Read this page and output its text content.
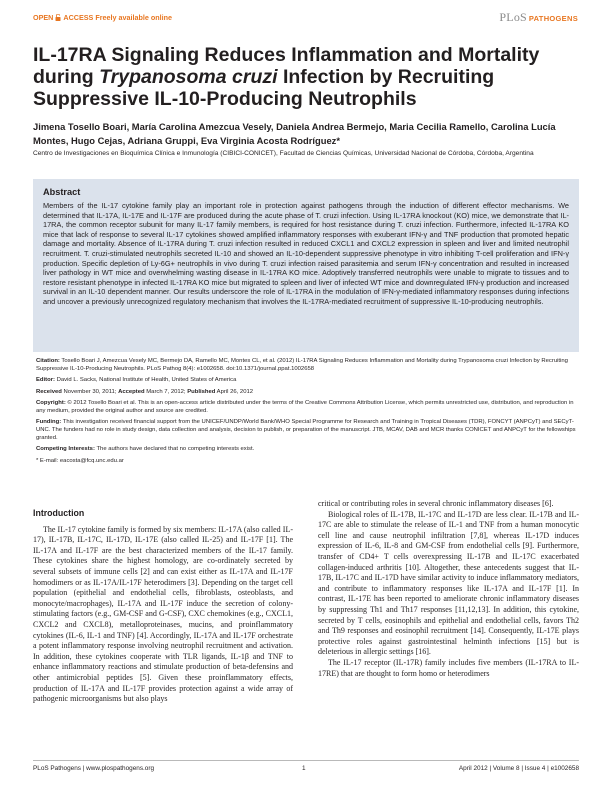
OPEN ACCESS Freely available online	PLoS PATHOGENS
IL-17RA Signaling Reduces Inflammation and Mortality during Trypanosoma cruzi Infection by Recruiting Suppressive IL-10-Producing Neutrophils
Jimena Tosello Boari, María Carolina Amezcua Vesely, Daniela Andrea Bermejo, Maria Cecilia Ramello, Carolina Lucía Montes, Hugo Cejas, Adriana Gruppi, Eva Virginia Acosta Rodríguez*
Centro de Investigaciones en Bioquímica Clínica e Inmunología (CIBICI-CONICET), Facultad de Ciencias Químicas, Universidad Nacional de Córdoba, Córdoba, Argentina
Abstract
Members of the IL-17 cytokine family play an important role in protection against pathogens through the induction of different effector mechanisms. We determined that IL-17A, IL-17E and IL-17F are produced during the acute phase of T. cruzi infection. Using IL-17RA knockout (KO) mice, we demonstrate that IL-17RA, the common receptor subunit for many IL-17 family members, is required for host resistance during T. cruzi infection. Furthermore, infected IL-17RA KO mice that lack of response to several IL-17 cytokines showed amplified inflammatory responses with exuberant IFN-γ and TNF production that promoted hepatic damage and mortality. Absence of IL-17RA during T. cruzi infection resulted in reduced CXCL1 and CXCL2 expression in spleen and liver and limited neutrophil recruitment. T. cruzi-stimulated neutrophils secreted IL-10 and showed an IL-10-dependent suppressive phenotype in vitro inhibiting T-cell proliferation and IFN-γ production. Specific depletion of Ly-6G+ neutrophils in vivo during T. cruzi infection raised parasitemia and serum IFN-γ concentration and resulted in increased liver pathology in WT mice and overwhelming wasting disease in IL-17RA KO mice. Adoptively transferred neutrophils were unable to migrate to tissues and to restore resistant phenotype in infected IL-17RA KO mice but migrated to spleen and liver of infected WT mice and downregulated IFN-γ production and increased survival in an IL-10 dependent manner. Our results underscore the role of IL-17RA in the modulation of IFN-γ-mediated inflammatory responses during infections and uncover a previously unrecognized regulatory mechanism that involves the IL-17RA-mediated recruitment of suppressive IL-10-producing neutrophils.

Citation: Tosello Boari J, Amezcua Vesely MC, Bermejo DA, Ramello MC, Montes CL, et al. (2012) IL-17RA Signaling Reduces Inflammation and Mortality during Trypanosoma cruzi Infection by Recruiting Suppressive IL-10-Producing Neutrophils. PLoS Pathog 8(4): e1002658. doi:10.1371/journal.ppat.1002658

Editor: David L. Sacks, National Institute of Health, United States of America

Received November 30, 2011; Accepted March 7, 2012; Published April 26, 2012

Copyright: © 2012 Tosello Boari et al. This is an open-access article distributed under the terms of the Creative Commons Attribution License, which permits unrestricted use, distribution, and reproduction in any medium, provided the original author and source are credited.

Funding: This investigation received financial support from the UNICEF/UNDP/World Bank/WHO Special Programme for Research and Training in Tropical Diseases (TDR), FONCYT (ANPCyT) and SECyT-UNC. The funders had no role in study design, data collection and analysis, decision to publish, or preparation of the manuscript. JTB, MCAV, DAB and MCR thanks CONICET and ANPCyT for the fellowships granted.

Competing Interests: The authors have declared that no competing interests exist.

* E-mail: eacosta@fcq.unc.edu.ar

Introduction

The IL-17 cytokine family is formed by six members: IL-17A (also called IL-17), IL-17B, IL-17C, IL-17D, IL-17E (also called IL-25) and IL-17F [1]. The IL-17A and IL-17F are the best characterized members of the IL-17 family. These cytokines share the highest homology, are co-ordinately secreted by several subsets of immune cells [2] and can exist either as IL-17A and IL-17F homodimers or as IL-17A/IL-17F heterodimers [3]. Depending on the target cell population (epithelial and endothelial cells, fibroblasts, osteoblasts, and monocyte/macrophages), IL-17A and IL-17F induce the secretion of colony-stimulating factors (e.g., GM-CSF and G-CSF), CXC chemokines (e.g., CXCL1, CXCL2 and CXCL8), metalloproteinases, mucins, and proinflammatory cytokines (IL-6, IL-1 and TNF) [4]. Accordingly, IL-17A and IL-17F orchestrate a potent inflammatory response involving neutrophil recruitment and activation. In addition, these cytokines cooperate with TLR ligands, IL-1β and TNF to enhance inflammatory reactions and stimulate production of beta-defensins and other antimicrobial peptides [5]. Given these proinflammatory effects, production of IL-17A and IL-17F provides protection against a wide array of pathogenic microorganisms but also plays

critical or contributing roles in several chronic inflammatory diseases [6].

Biological roles of IL-17B, IL-17C and IL-17D are less clear. IL-17B and IL-17C are able to stimulate the release of IL-1 and TNF from a human monocytic cell line and cause neutrophil infiltration [7,8], whereas IL-17D induces expression of IL-6, IL-8 and GM-CSF from endothelial cells [9]. Furthermore, transfer of CD4+ T cells overexpressing IL-17B and IL-17C exacerbated collagen-induced arthritis [10]. Altogether, these antecedents suggest that IL-17B, IL-17C and IL-17D have similar activity to induce inflammatory mediators, and contribute to inflammatory responses like IL-17A and IL-17F [1]. In contrast, IL-17E has been reported to ameliorate chronic inflammatory diseases by suppressing Th1 and Th17 responses [11,12,13]. In addition, this cytokine, secreted by T cells, eosinophils and epithelial and endothelial cells, favors Th2 and Th9 responses and eosinophil recruitment [14]. Consequently, IL-17E plays protective roles against gastrointestinal helminth infections [15] but is deleterious in allergic settings [16].

The IL-17 receptor (IL-17R) family includes five members (IL-17RA to IL-17RE) that are thought to form homo or heterodimers

PLoS Pathogens | www.plospathogens.org	1	April 2012 | Volume 8 | Issue 4 | e1002658
